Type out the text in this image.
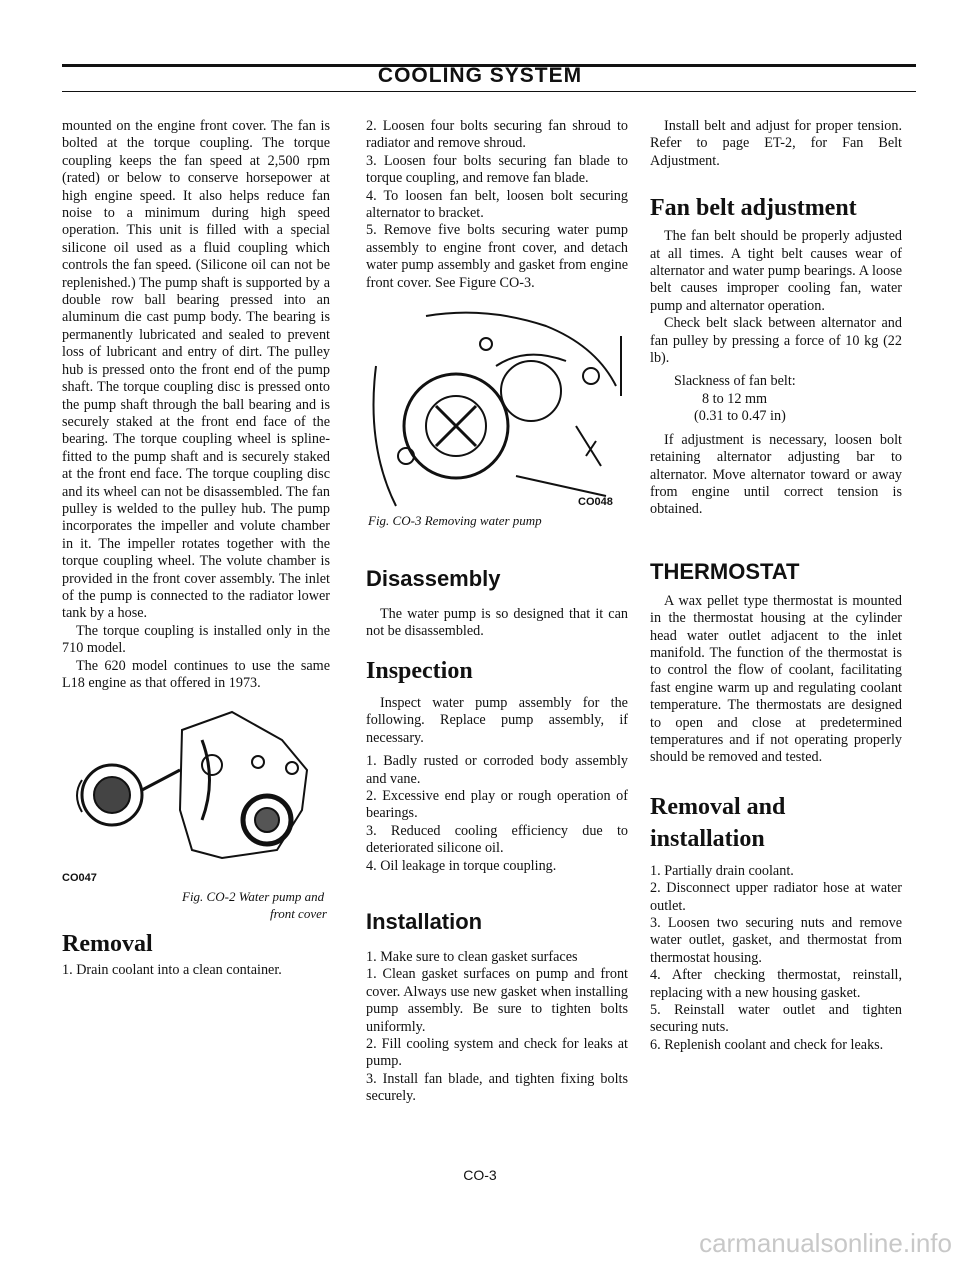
COOLING SYSTEM

mounted on the engine front cover. The fan is bolted at the torque coupling. The torque coupling keeps the fan speed at 2,500 rpm (rated) or below to conserve horsepower at high engine speed. It also helps reduce fan noise to a minimum during high speed operation. This unit is filled with a special silicone oil used as a fluid coupling which controls the fan speed. (Silicone oil can not be replenished.) The pump shaft is supported by a double row ball bearing pressed into an aluminum die cast pump body. The bearing is permanently lubricated and sealed to prevent loss of lubricant and entry of dirt. The pulley hub is pressed onto the front end of the pump shaft. The torque coupling disc is pressed onto the pump shaft through the ball bearing and is securely staked at the front end face of the bearing. The torque coupling wheel is spline-fitted to the pump shaft and is securely staked at the front end face. The torque coupling disc and its wheel can not be disassembled. The fan pulley is welded to the pulley hub. The pump incorporates the impeller and volute chamber in it. The impeller rotates together with the torque coupling wheel. The volute chamber is provided in the front cover assembly. The inlet of the pump is connected to the radiator lower tank by a hose.

The torque coupling is installed only in the 710 model.

The 620 model continues to use the same L18 engine as that offered in 1973.

CO047
Fig. CO-2 Water pump and
front cover

Removal

1. Drain coolant into a clean container.

2. Loosen four bolts securing fan shroud to radiator and remove shroud.

3. Loosen four bolts securing fan blade to torque coupling, and remove fan blade.

4. To loosen fan belt, loosen bolt securing alternator to bracket.

5. Remove five bolts securing water pump assembly to engine front cover, and detach water pump assembly and gasket from engine front cover. See Figure CO-3.

CO048
Fig. CO-3 Removing water pump

Disassembly

The water pump is so designed that it can not be disassembled.

Inspection

Inspect water pump assembly for the following. Replace pump assembly, if necessary.

1. Badly rusted or corroded body assembly and vane.

2. Excessive end play or rough operation of bearings.

3. Reduced cooling efficiency due to deteriorated silicone oil.

4. Oil leakage in torque coupling.

Installation

1. Make sure to clean gasket surfaces

1. Clean gasket surfaces on pump and front cover. Always use new gasket when installing pump assembly. Be sure to tighten bolts uniformly.

2. Fill cooling system and check for leaks at pump.

3. Install fan blade, and tighten fixing bolts securely.

Install belt and adjust for proper tension. Refer to page ET-2, for Fan Belt Adjustment.

Fan belt adjustment

The fan belt should be properly adjusted at all times. A tight belt causes wear of alternator and water pump bearings. A loose belt causes improper cooling fan, water pump and alternator operation.

Check belt slack between alternator and fan pulley by pressing a force of 10 kg (22 lb).

Slackness of fan belt:

8 to 12 mm

(0.31 to 0.47 in)

If adjustment is necessary, loosen bolt retaining alternator adjusting bar to alternator. Move alternator toward or away from engine until correct tension is obtained.

THERMOSTAT

A wax pellet type thermostat is mounted in the thermostat housing at the cylinder head water outlet adjacent to the inlet manifold. The function of the thermostat is to control the flow of coolant, facilitating fast engine warm up and regulating coolant temperature. The thermostats are designed to open and close at predetermined temperatures and if not operating properly should be removed and tested.

Removal and

installation

1. Partially drain coolant.

2. Disconnect upper radiator hose at water outlet.

3. Loosen two securing nuts and remove water outlet, gasket, and thermostat from thermostat housing.

4. After checking thermostat, reinstall, replacing with a new housing gasket.

5. Reinstall water outlet and tighten securing nuts.

6. Replenish coolant and check for leaks.

CO-3
carmanualsonline.info
